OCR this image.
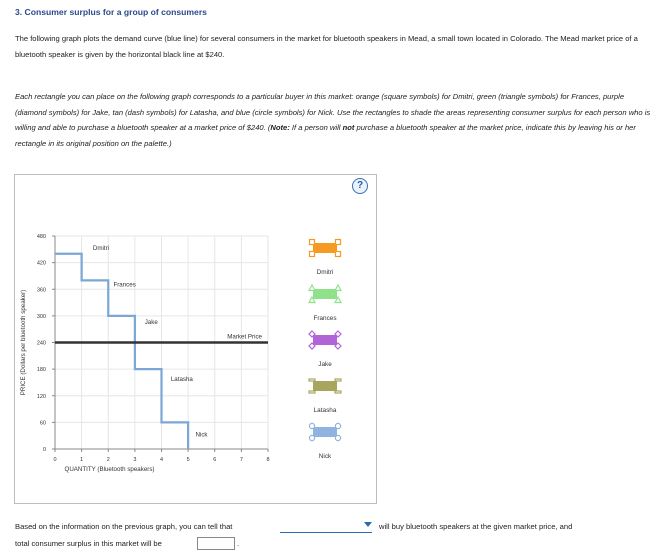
3. Consumer surplus for a group of consumers

The following graph plots the demand curve (blue line) for several consumers in the market for bluetooth speakers in Mead, a small town located in Colorado. The Mead market price of a bluetooth speaker is given by the horizontal black line at $240.

Each rectangle you can place on the following graph corresponds to a particular buyer in this market: orange (square symbols) for Dmitri, green (triangle symbols) for Frances, purple (diamond symbols) for Jake, tan (dash symbols) for Latasha, and blue (circle symbols) for Nick. Use the rectangles to shade the areas representing consumer surplus for each person who is willing and able to purchase a bluetooth speaker at a market price of $240. (Note: If a person will not purchase a bluetooth speaker at the market price, indicate this by leaving his or her rectangle in its original position on the palette.)

?
0
60
120
180
240
300
360
420
480
0	1	2	3	4	5	6	7	8
QUANTITY (Bluetooth speakers)
PRICE (Dollars per bluetooth speaker)
Dmitri
Frances
Jake
Latasha
Nick
Market Price
Dmitri
Frances
Jake
Latasha
Nick

Based on the information on the previous graph, you can tell that	will buy bluetooth speakers at the given market price, and

total consumer surplus in this market will be	.
